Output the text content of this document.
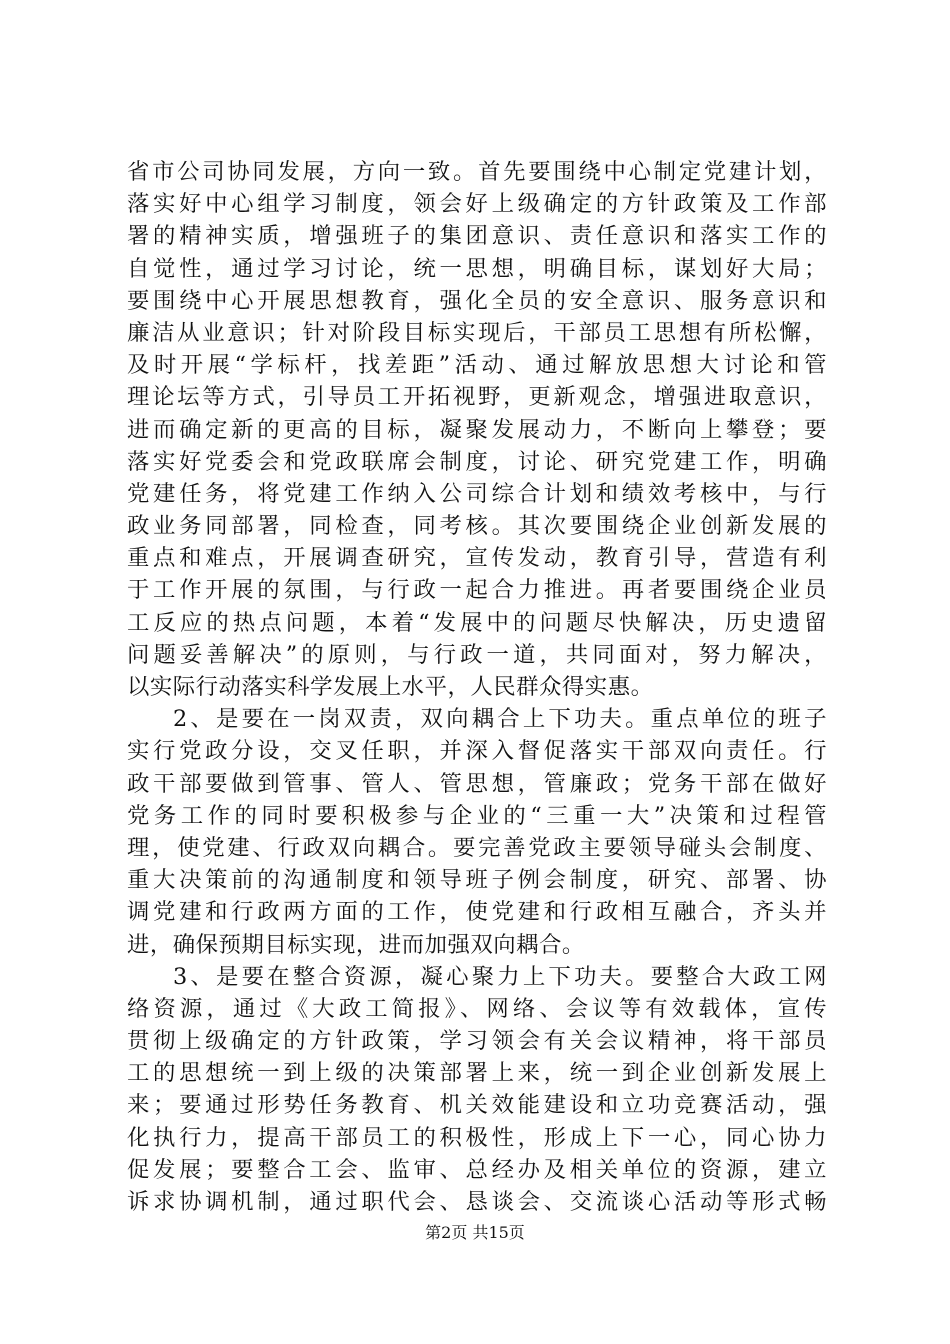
省市公司协同发展，方向一致。首先要围绕中心制定党建计划，
落实好中心组学习制度，领会好上级确定的方针政策及工作部
署的精神实质，增强班子的集团意识、责任意识和落实工作的
自觉性，通过学习讨论，统一思想，明确目标，谋划好大局；
要围绕中心开展思想教育，强化全员的安全意识、服务意识和
廉洁从业意识；针对阶段目标实现后，干部员工思想有所松懈，
及时开展“学标杆，找差距”活动、通过解放思想大讨论和管
理论坛等方式，引导员工开拓视野，更新观念，增强进取意识，
进而确定新的更高的目标，凝聚发展动力，不断向上攀登；要
落实好党委会和党政联席会制度，讨论、研究党建工作，明确
党建任务，将党建工作纳入公司综合计划和绩效考核中，与行
政业务同部署，同检查，同考核。其次要围绕企业创新发展的
重点和难点，开展调查研究，宣传发动，教育引导，营造有利
于工作开展的氛围，与行政一起合力推进。再者要围绕企业员
工反应的热点问题，本着“发展中的问题尽快解决，历史遗留
问题妥善解决”的原则，与行政一道，共同面对，努力解决，
以实际行动落实科学发展上水平，人民群众得实惠。
2、是要在一岗双责，双向耦合上下功夫。重点单位的班子
实行党政分设，交叉任职，并深入督促落实干部双向责任。行
政干部要做到管事、管人、管思想，管廉政；党务干部在做好
党务工作的同时要积极参与企业的“三重一大”决策和过程管
理，使党建、行政双向耦合。要完善党政主要领导碰头会制度、
重大决策前的沟通制度和领导班子例会制度，研究、部署、协
调党建和行政两方面的工作，使党建和行政相互融合，齐头并
进，确保预期目标实现，进而加强双向耦合。
3、是要在整合资源，凝心聚力上下功夫。要整合大政工网
络资源，通过《大政工简报》、网络、会议等有效载体，宣传
贯彻上级确定的方针政策，学习领会有关会议精神，将干部员
工的思想统一到上级的决策部署上来，统一到企业创新发展上
来；要通过形势任务教育、机关效能建设和立功竞赛活动，强
化执行力，提高干部员工的积极性，形成上下一心，同心协力
促发展；要整合工会、监审、总经办及相关单位的资源，建立
诉求协调机制，通过职代会、恳谈会、交流谈心活动等形式畅
第2页 共15页
